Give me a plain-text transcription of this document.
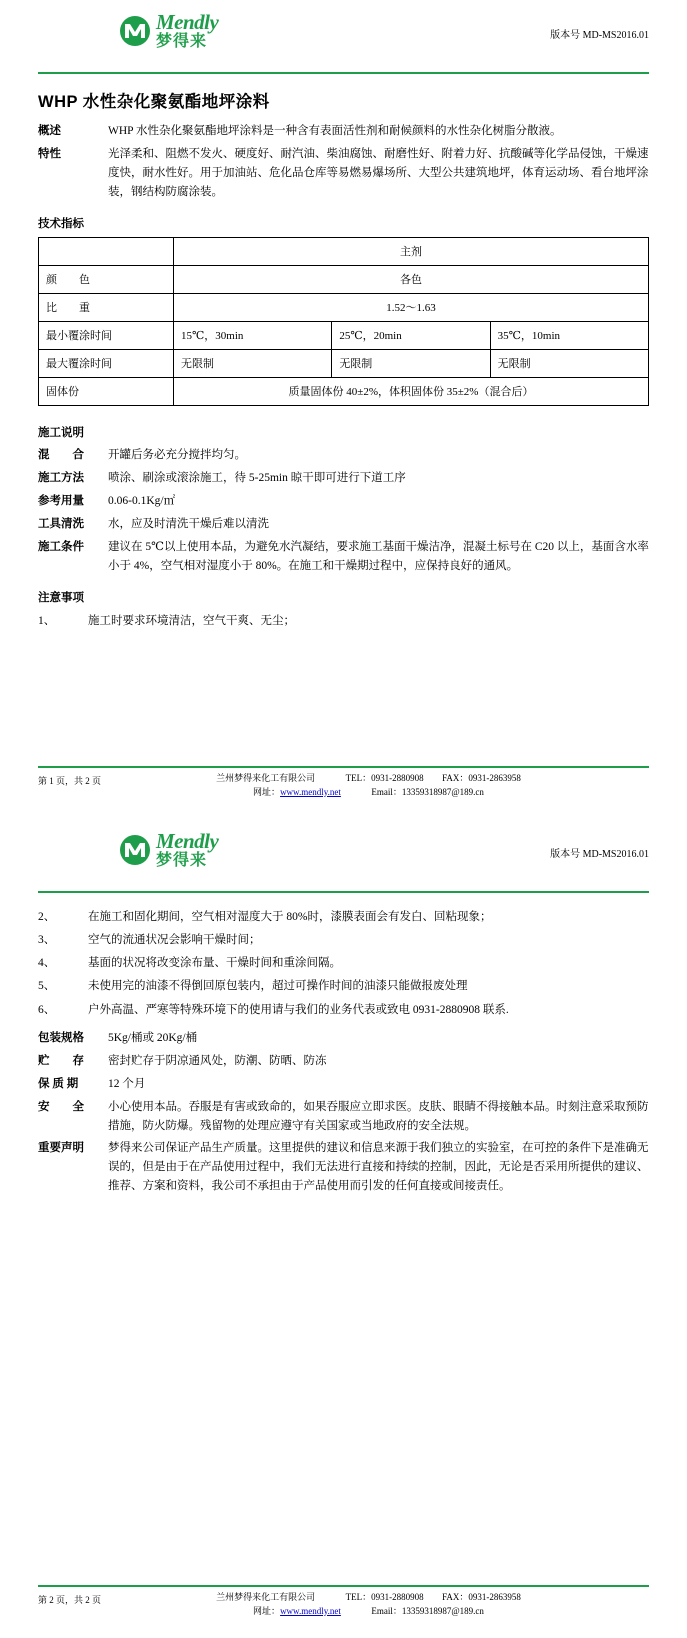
Mendly
梦得来	版本号 MD-MS2016.01
WHP 水性杂化聚氨酯地坪涂料
概述	WHP 水性杂化聚氨酯地坪涂料是一种含有表面活性剂和耐候颜料的水性杂化树脂分散液。
特性	光泽柔和、阻燃不发火、硬度好、耐汽油、柴油腐蚀、耐磨性好、附着力好、抗酸碱等化学品侵蚀，干燥速度快，耐水性好。用于加油站、危化品仓库等易燃易爆场所、大型公共建筑地坪，体育运动场、看台地坪涂装，钢结构防腐涂装。
技术指标
	主剂		
颜　　色	各色		
比　　重	1.52～1.63		
最小覆涂时间	15℃，30min	25℃，20min	35℃，10min
最大覆涂时间	无限制	无限制	无限制
固体份	质量固体份 40±2%，体积固体份 35±2%（混合后）		
施工说明
混　　合	开罐后务必充分搅拌均匀。
施工方法	喷涂、刷涂或滚涂施工，待 5-25min 晾干即可进行下道工序
参考用量	0.06-0.1Kg/㎡
工具清洗	水，应及时清洗干燥后难以清洗
施工条件	建议在 5℃以上使用本品，为避免水汽凝结，要求施工基面干燥洁净，混凝土标号在 C20 以上，基面含水率小于 4%，空气相对湿度小于 80%。在施工和干燥期过程中，应保持良好的通风。
注意事项
1、	施工时要求环境清洁，空气干爽、无尘；
第 1 页，共 2 页	兰州梦得来化工有限公司	TEL：0931-2880908 FAX：0931-2863958
网址：www.mendly.net	Email：13359318987@189.cn
Mendly
梦得来	版本号 MD-MS2016.01
2、	在施工和固化期间，空气相对湿度大于 80%时，漆膜表面会有发白、回粘现象；
3、	空气的流通状况会影响干燥时间；
4、	基面的状况将改变涂布量、干燥时间和重涂间隔。
5、	未使用完的油漆不得倒回原包装内，超过可操作时间的油漆只能做报废处理
6、	户外高温、严寒等特殊环境下的使用请与我们的业务代表或致电 0931-2880908 联系.
包装规格	5Kg/桶或 20Kg/桶
贮　　存	密封贮存于阴凉通风处，防潮、防晒、防冻
保 质 期	12 个月
安　　全	小心使用本品。吞服是有害或致命的，如果吞服应立即求医。皮肤、眼睛不得接触本品。时刻注意采取预防措施，防火防爆。残留物的处理应遵守有关国家或当地政府的安全法规。
重要声明	梦得来公司保证产品生产质量。这里提供的建议和信息来源于我们独立的实验室，在可控的条件下是准确无误的，但是由于在产品使用过程中，我们无法进行直接和持续的控制，因此，无论是否采用所提供的建议、推荐、方案和资料，我公司不承担由于产品使用而引发的任何直接或间接责任。
第 2 页，共 2 页	兰州梦得来化工有限公司	TEL：0931-2880908 FAX：0931-2863958
网址：www.mendly.net	Email：13359318987@189.cn
